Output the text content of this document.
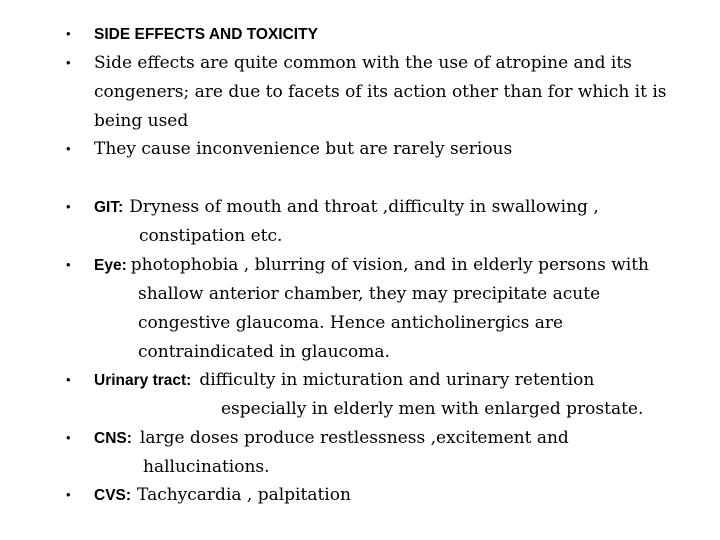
• SIDE EFFECTS AND TOXICITY
• Side effects are quite common with the use of atropine and its
congeners; are due to facets of its action other than for which it is
being used
• They cause inconvenience but are rarely serious
• GIT: Dryness of mouth and throat ,difficulty in swallowing ,
constipation etc.
• Eye: photophobia , blurring of vision, and in elderly persons with
shallow anterior chamber, they may precipitate acute
congestive glaucoma. Hence anticholinergics are
contraindicated in glaucoma.
• Urinary tract: difficulty in micturation and urinary retention
especially in elderly men with enlarged prostate.
• CNS: large doses produce restlessness ,excitement and
hallucinations.
• CVS: Tachycardia , palpitation
